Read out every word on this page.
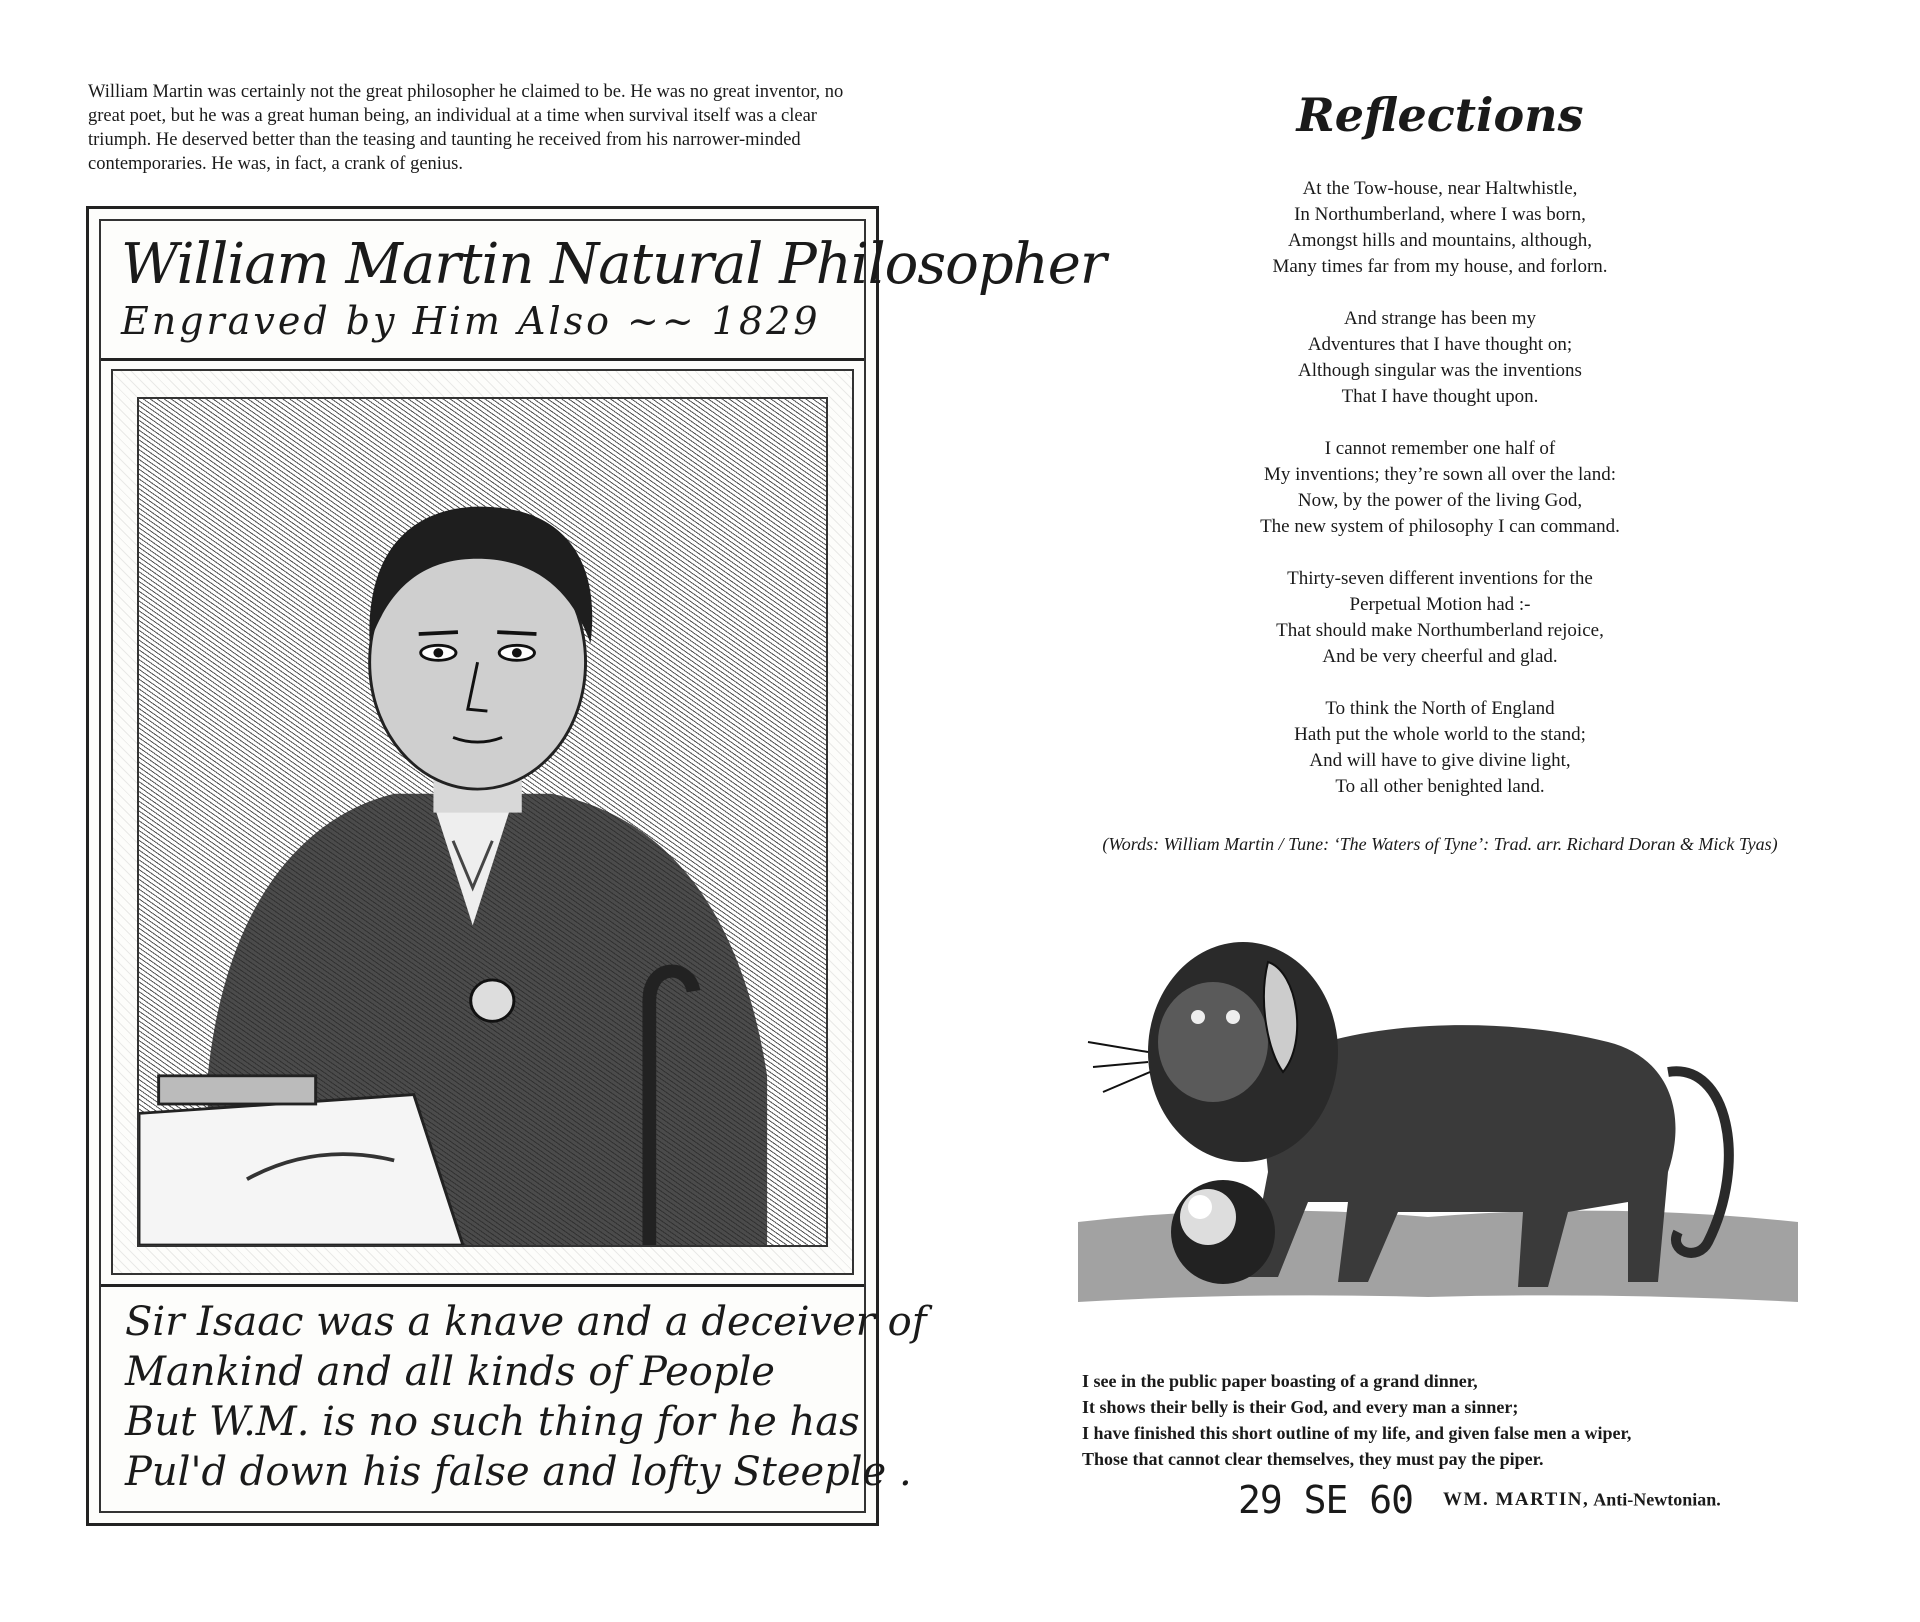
William Martin was certainly not the great philosopher he claimed to be. He was no great inventor, no great poet, but he was a great human being, an individual at a time when survival itself was a clear triumph. He deserved better than the teasing and taunting he received from his narrower-minded contemporaries. He was, in fact, a crank of genius.

William Martin Natural Philosopher
Engraved by Him Also ~~ 1829
Sir Isaac was a knave and a deceiver of
Mankind and all kinds of People
But W.M. is no such thing for he has
Pul'd down his false and lofty Steeple .
Reflections
At the Tow-house, near Haltwhistle,
In Northumberland, where I was born,
Amongst hills and mountains, although,
Many times far from my house, and forlorn.
And strange has been my
Adventures that I have thought on;
Although singular was the inventions
That I have thought upon.
I cannot remember one half of
My inventions; they’re sown all over the land:
Now, by the power of the living God,
The new system of philosophy I can command.
Thirty-seven different inventions for the
Perpetual Motion had :-
That should make Northumberland rejoice,
And be very cheerful and glad.
To think the North of England
Hath put the whole world to the stand;
And will have to give divine light,
To all other benighted land.
(Words: William Martin / Tune: ‘The Waters of Tyne’: Trad. arr. Richard Doran & Mick Tyas)
I see in the public paper boasting of a grand dinner,
It shows their belly is their God, and every man a sinner;
I have finished this short outline of my life, and given false men a wiper,
Those that cannot clear themselves, they must pay the piper.
29 SE 60 WM. MARTIN, Anti-Newtonian.
